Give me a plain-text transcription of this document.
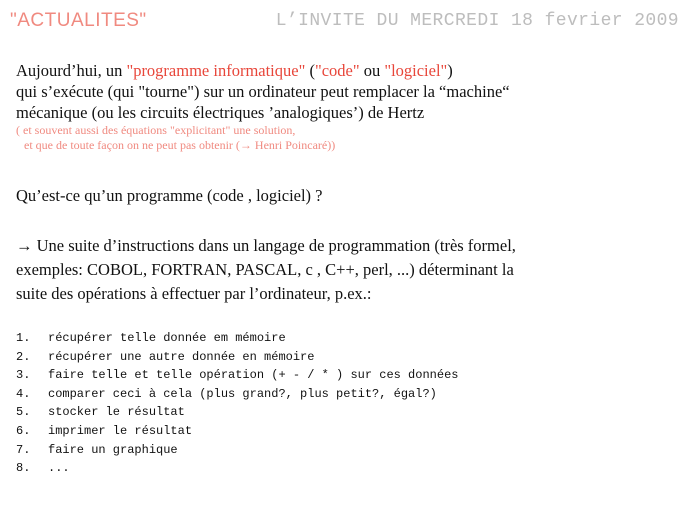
"ACTUALITES"	L’INVITE DU MERCREDI 18 fevrier 2009
Aujourd’hui, un "programme informatique" ("code" ou "logiciel")
qui s’exécute (qui "tourne") sur un ordinateur peut remplacer la “machine“
mécanique (ou les circuits électriques ’analogiques’) de Hertz
( et souvent aussi des équations "explicitant" une solution,
et que de toute façon on ne peut pas obtenir (→ Henri Poincaré))
Qu’est-ce qu’un programme (code , logiciel) ?
→ Une suite d’instructions dans un langage de programmation (très formel,
exemples: COBOL, FORTRAN, PASCAL, c , C++, perl, ...) déterminant la
suite des opérations à effectuer par l’ordinateur, p.ex.:
1.	récupérer telle donnée em mémoire
2.	récupérer une autre donnée en mémoire
3.	faire telle et telle opération (+ - / * ) sur ces données
4.	comparer ceci à cela (plus grand?, plus petit?, égal?)
5.	stocker le résultat
6.	imprimer le résultat
7.	faire un graphique
8.	...
